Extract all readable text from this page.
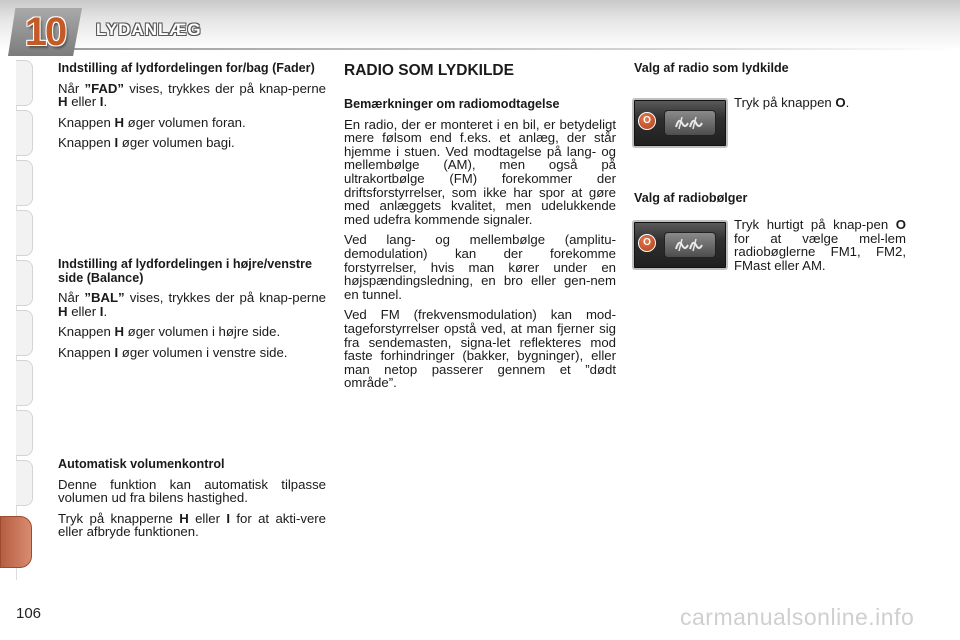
10	LYDANLÆG
Indstilling af lydfordelingen for/bag (Fader)

Når ”FAD” vises, trykkes der på knap-perne H eller I.

Knappen H øger volumen foran.

Knappen I øger volumen bagi.

Indstilling af lydfordelingen i højre/venstre side (Balance)

Når ”BAL” vises, trykkes der på knap-perne H eller I.

Knappen H øger volumen i højre side.

Knappen I øger volumen i venstre side.

Automatisk volumenkontrol

Denne funktion kan automatisk tilpasse volumen ud fra bilens hastighed.

Tryk på knapperne H eller I for at akti-vere eller afbryde funktionen.

RADIO SOM LYDKILDE
Bemærkninger om radiomodtagelse

En radio, der er monteret i en bil, er betydeligt mere følsom end f.eks. et anlæg, der står hjemme i stuen. Ved modtagelse på lang- og mellembølge (AM), men også på ultrakortbølge (FM) forekommer der driftsforstyrrelser, som ikke har spor at gøre med anlæggets kvalitet, men udelukkende med udefra kommende signaler.

Ved lang- og mellembølge (amplitu-demodulation) kan der forekomme forstyrrelser, hvis man kører under en højspændingsledning, en bro eller gen-nem en tunnel.

Ved FM (frekvensmodulation) kan mod-tageforstyrrelser opstå ved, at man fjerner sig fra sendemasten, signa-let reflekteres mod faste forhindringer (bakker, bygninger), eller man netop passerer gennem et ”dødt område”.

Valg af radio som lydkilde
O
Tryk på knappen O.
Valg af radiobølger
O
Tryk hurtigt på knap-pen O for at vælge mel-lem radiobøglerne FM1, FM2, FMast eller AM.
106	carmanualsonline.info
